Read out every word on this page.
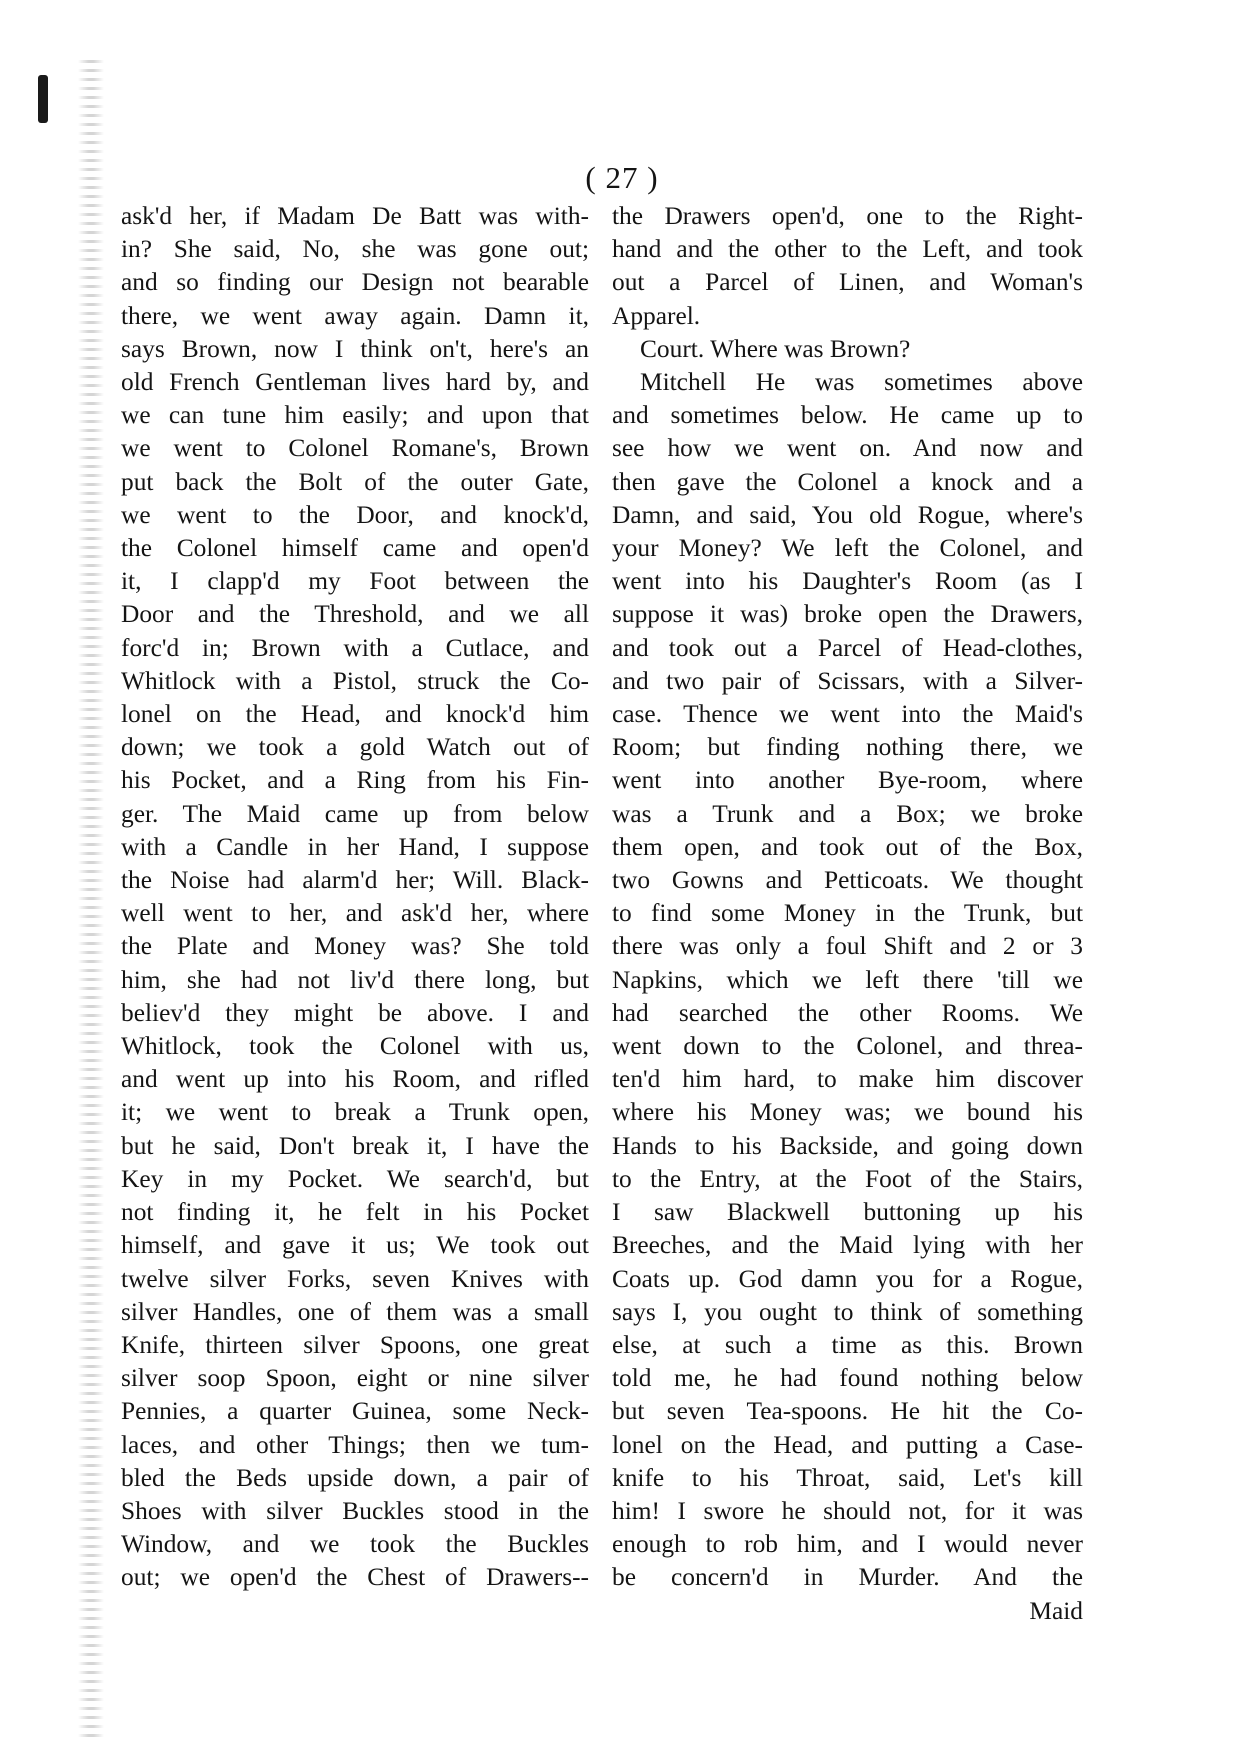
( 27 )
ask'd her, if Madam De Batt was with-
in? She said, No, she was gone out;
and so finding our Design not bearable
there, we went away again. Damn it,
says Brown, now I think on't, here's an
old French Gentleman lives hard by, and
we can tune him easily; and upon that
we went to Colonel Romane's, Brown
put back the Bolt of the outer Gate,
we went to the Door, and knock'd,
the Colonel himself came and open'd
it, I clapp'd my Foot between the
Door and the Threshold, and we all
forc'd in; Brown with a Cutlace, and
Whitlock with a Pistol, struck the Co-
lonel on the Head, and knock'd him
down; we took a gold Watch out of
his Pocket, and a Ring from his Fin-
ger. The Maid came up from below
with a Candle in her Hand, I suppose
the Noise had alarm'd her; Will. Black-
well went to her, and ask'd her, where
the Plate and Money was? She told
him, she had not liv'd there long, but
believ'd they might be above. I and
Whitlock, took the Colonel with us,
and went up into his Room, and rifled
it; we went to break a Trunk open,
but he said, Don't break it, I have the
Key in my Pocket. We search'd, but
not finding it, he felt in his Pocket
himself, and gave it us; We took out
twelve silver Forks, seven Knives with
silver Handles, one of them was a small
Knife, thirteen silver Spoons, one great
silver soop Spoon, eight or nine silver
Pennies, a quarter Guinea, some Neck-
laces, and other Things; then we tum-
bled the Beds upside down, a pair of
Shoes with silver Buckles stood in the
Window, and we took the Buckles
out; we open'd the Chest of Drawers--
the Drawers open'd, one to the Right-
hand and the other to the Left, and took
out a Parcel of Linen, and Woman's
Apparel.
Court. Where was Brown?
Mitchell He was sometimes above
and sometimes below. He came up to
see how we went on. And now and
then gave the Colonel a knock and a
Damn, and said, You old Rogue, where's
your Money? We left the Colonel, and
went into his Daughter's Room (as I
suppose it was) broke open the Drawers,
and took out a Parcel of Head-clothes,
and two pair of Scissars, with a Silver-
case. Thence we went into the Maid's
Room; but finding nothing there, we
went into another Bye-room, where
was a Trunk and a Box; we broke
them open, and took out of the Box,
two Gowns and Petticoats. We thought
to find some Money in the Trunk, but
there was only a foul Shift and 2 or 3
Napkins, which we left there 'till we
had searched the other Rooms. We
went down to the Colonel, and threa-
ten'd him hard, to make him discover
where his Money was; we bound his
Hands to his Backside, and going down
to the Entry, at the Foot of the Stairs,
I saw Blackwell buttoning up his
Breeches, and the Maid lying with her
Coats up. God damn you for a Rogue,
says I, you ought to think of something
else, at such a time as this. Brown
told me, he had found nothing below
but seven Tea-spoons. He hit the Co-
lonel on the Head, and putting a Case-
knife to his Throat, said, Let's kill
him! I swore he should not, for it was
enough to rob him, and I would never
be concern'd in Murder. And the
Maid
